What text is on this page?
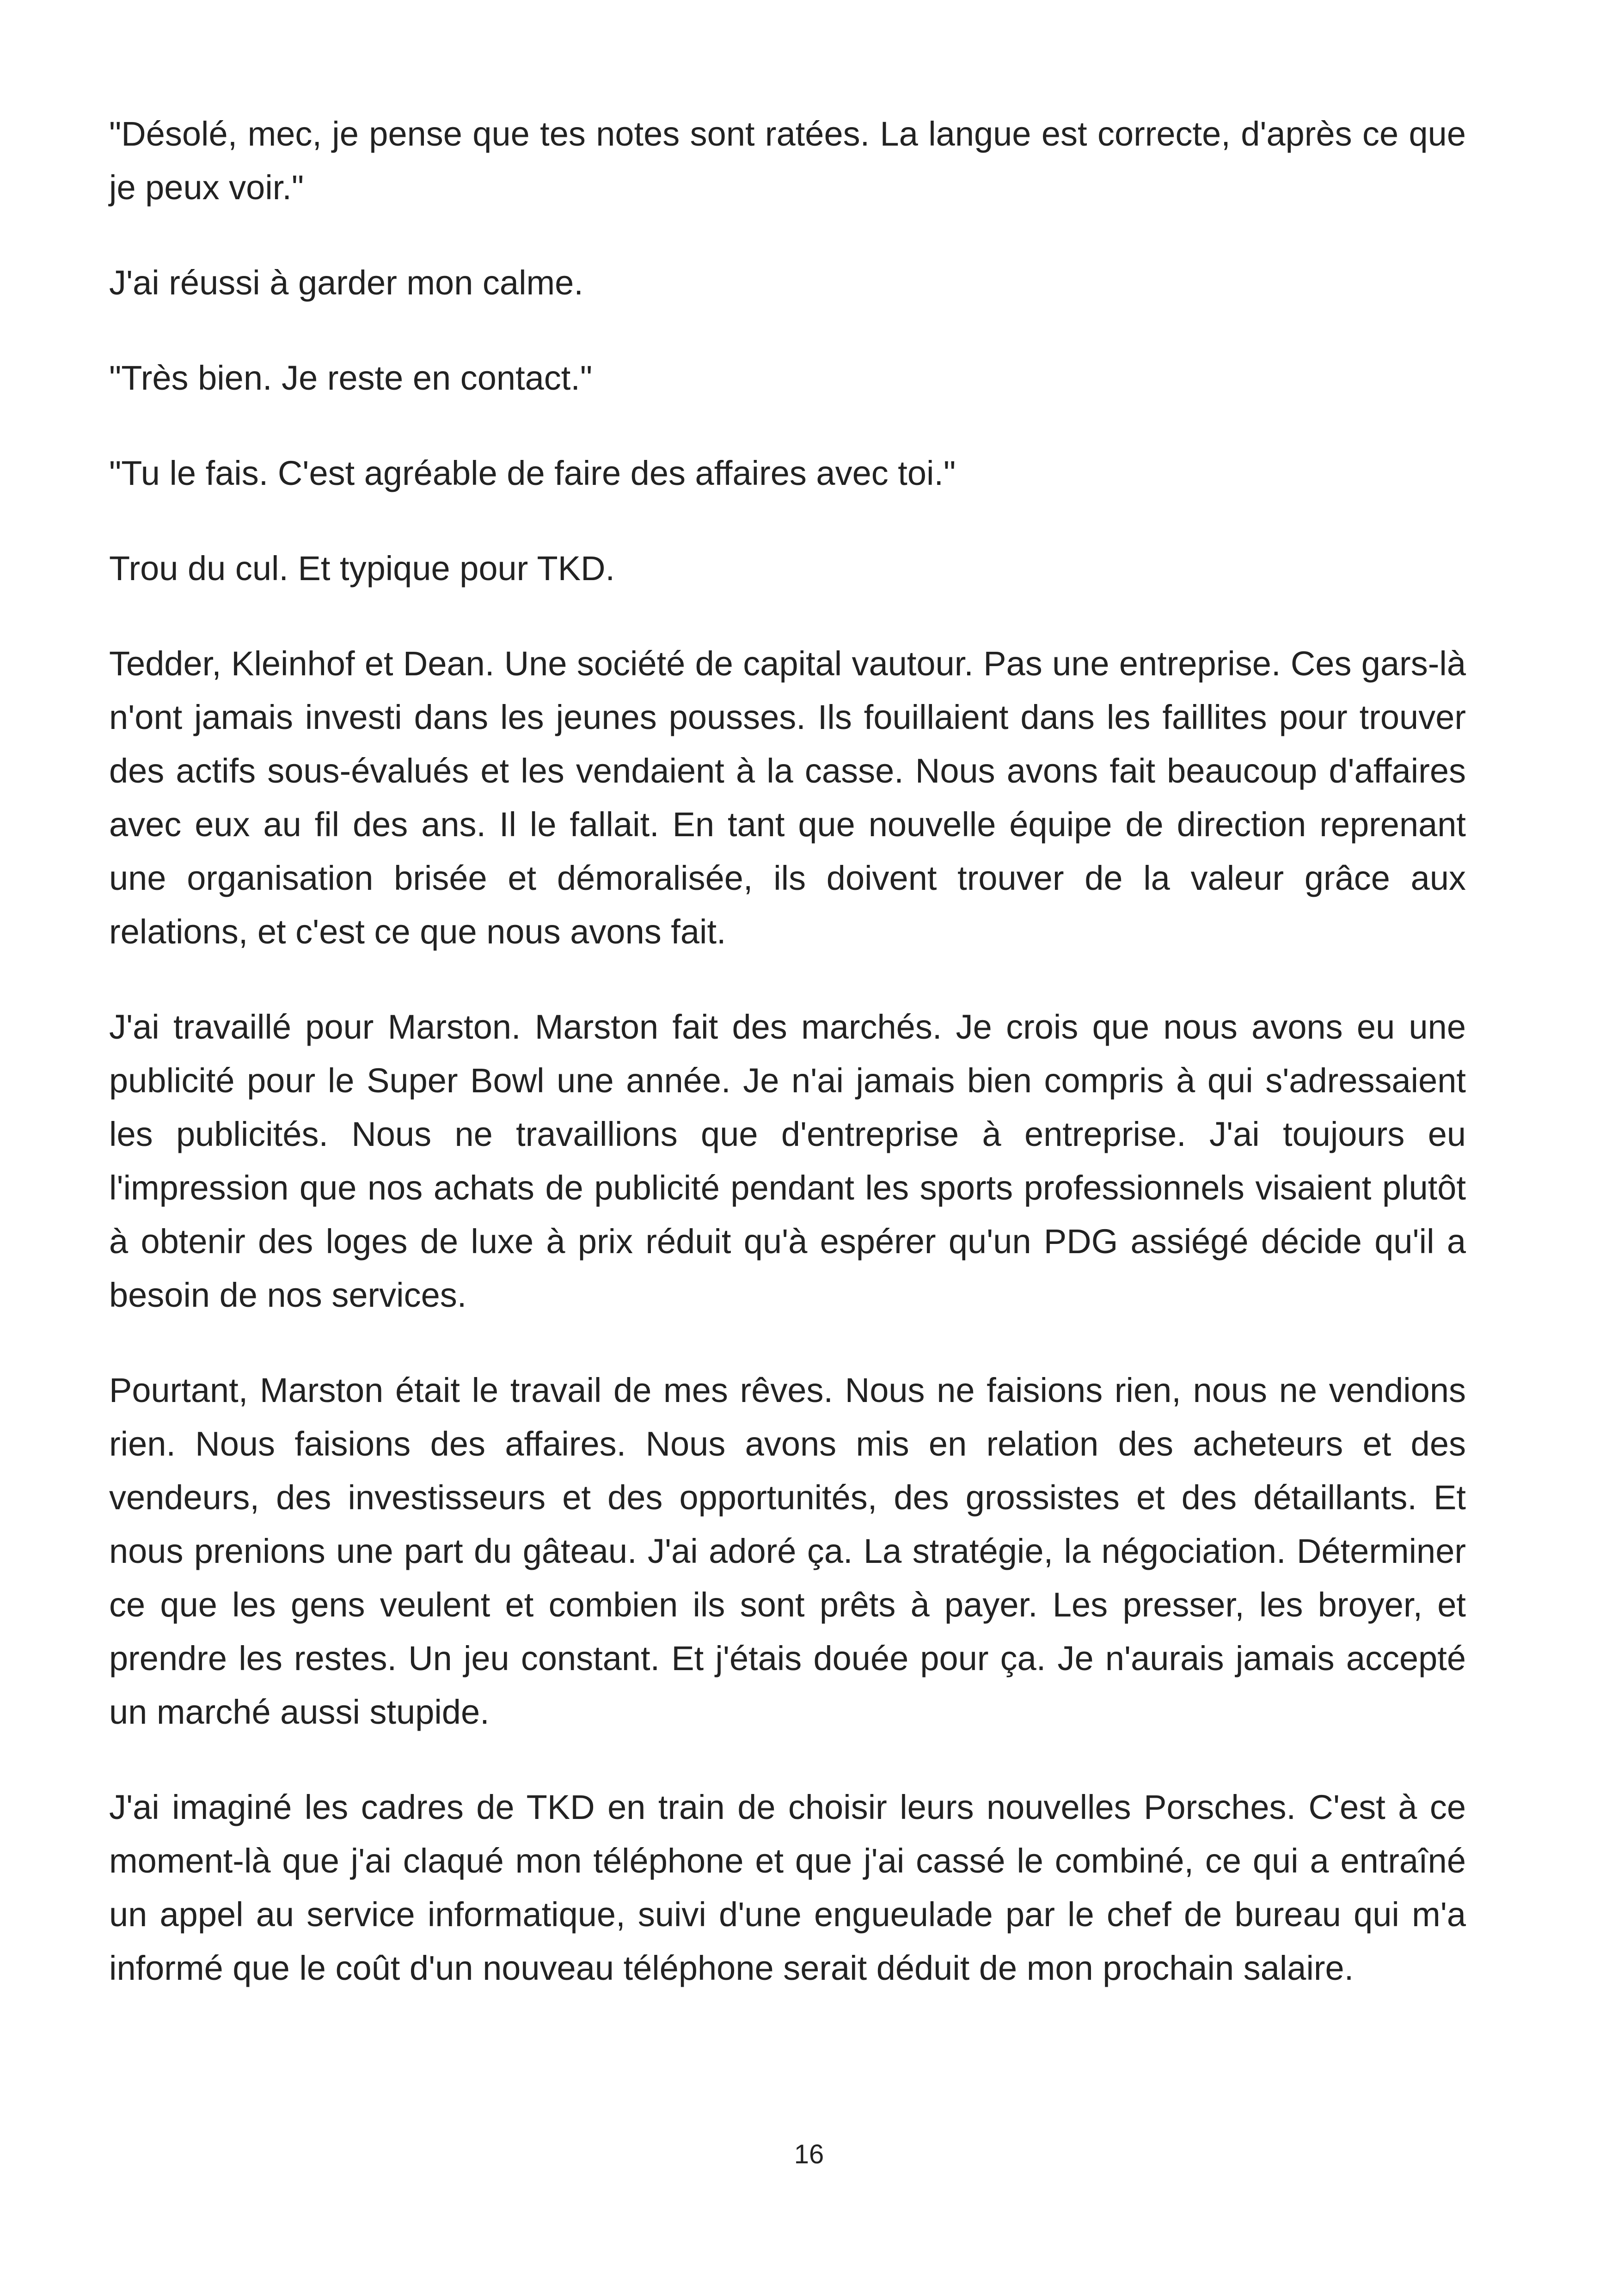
"Désolé, mec, je pense que tes notes sont ratées. La langue est correcte, d'après ce que je peux voir."

J'ai réussi à garder mon calme.

"Très bien. Je reste en contact."

"Tu le fais. C'est agréable de faire des affaires avec toi."

Trou du cul. Et typique pour TKD.

Tedder, Kleinhof et Dean. Une société de capital vautour. Pas une entreprise. Ces gars-là n'ont jamais investi dans les jeunes pousses. Ils fouillaient dans les faillites pour trouver des actifs sous-évalués et les vendaient à la casse. Nous avons fait beaucoup d'affaires avec eux au fil des ans. Il le fallait. En tant que nouvelle équipe de direction reprenant une organisation brisée et démoralisée, ils doivent trouver de la valeur grâce aux relations, et c'est ce que nous avons fait.

J'ai travaillé pour Marston. Marston fait des marchés. Je crois que nous avons eu une publicité pour le Super Bowl une année. Je n'ai jamais bien compris à qui s'adressaient les publicités. Nous ne travaillions que d'entreprise à entreprise. J'ai toujours eu l'impression que nos achats de publicité pendant les sports professionnels visaient plutôt à obtenir des loges de luxe à prix réduit qu'à espérer qu'un PDG assiégé décide qu'il a besoin de nos services.

Pourtant, Marston était le travail de mes rêves. Nous ne faisions rien, nous ne vendions rien. Nous faisions des affaires. Nous avons mis en relation des acheteurs et des vendeurs, des investisseurs et des opportunités, des grossistes et des détaillants. Et nous prenions une part du gâteau. J'ai adoré ça. La stratégie, la négociation. Déterminer ce que les gens veulent et combien ils sont prêts à payer. Les presser, les broyer, et prendre les restes. Un jeu constant. Et j'étais douée pour ça. Je n'aurais jamais accepté un marché aussi stupide.

J'ai imaginé les cadres de TKD en train de choisir leurs nouvelles Porsches. C'est à ce moment-là que j'ai claqué mon téléphone et que j'ai cassé le combiné, ce qui a entraîné un appel au service informatique, suivi d'une engueulade par le chef de bureau qui m'a informé que le coût d'un nouveau téléphone serait déduit de mon prochain salaire.

16
